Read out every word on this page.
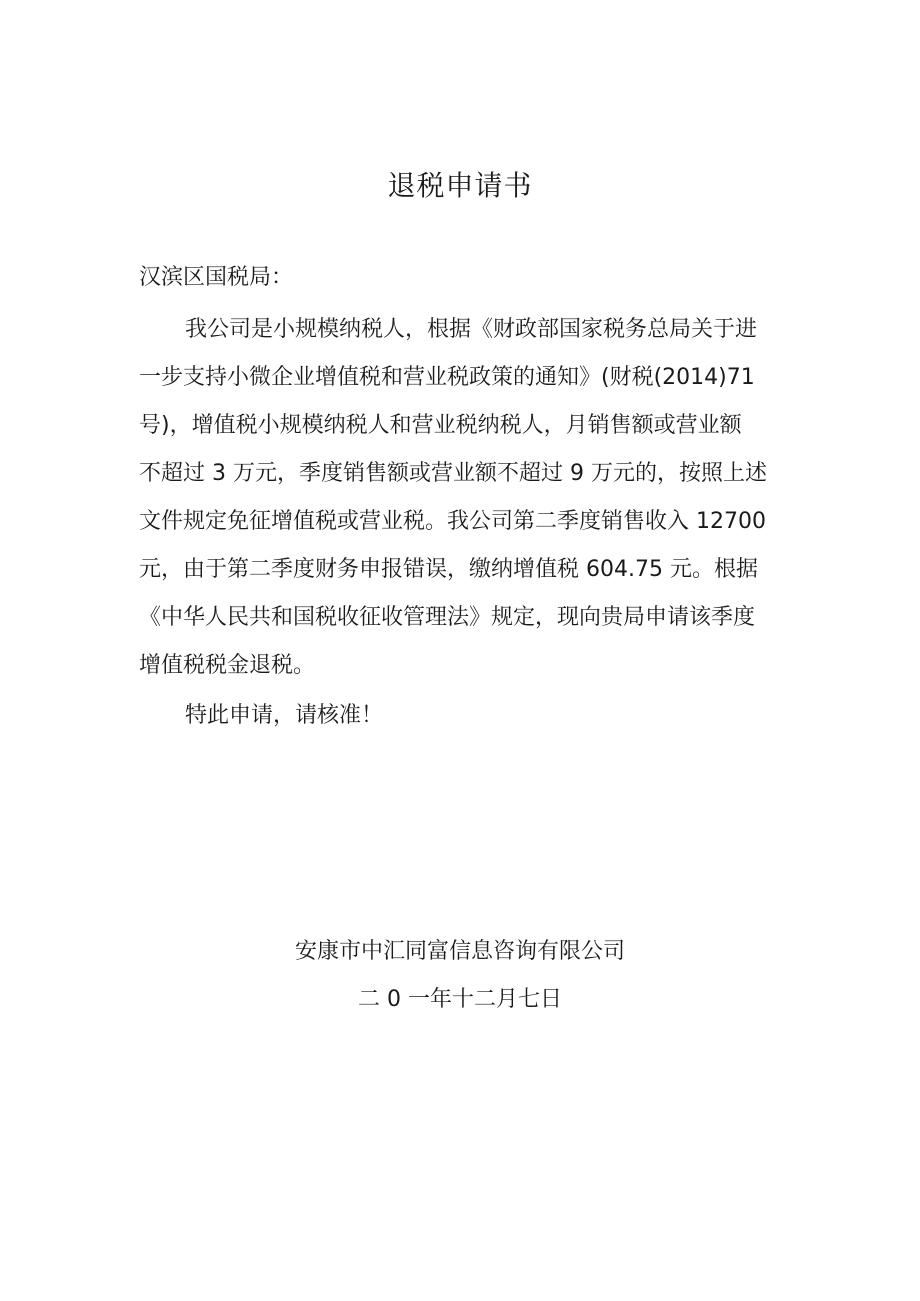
退税申请书
汉滨区国税局：
我公司是小规模纳税人，根据《财政部国家税务总局关于进
一步支持小微企业增值税和营业税政策的通知》(财税(2014)71
号)，增值税小规模纳税人和营业税纳税人，月销售额或营业额
不超过 3 万元，季度销售额或营业额不超过 9 万元的，按照上述
文件规定免征增值税或营业税。我公司第二季度销售收入 12700
元，由于第二季度财务申报错误，缴纳增值税 604.75 元。根据
《中华人民共和国税收征收管理法》规定，现向贵局申请该季度
增值税税金退税。
特此申请，请核准！
安康市中汇同富信息咨询有限公司
二 0 一年十二月七日
